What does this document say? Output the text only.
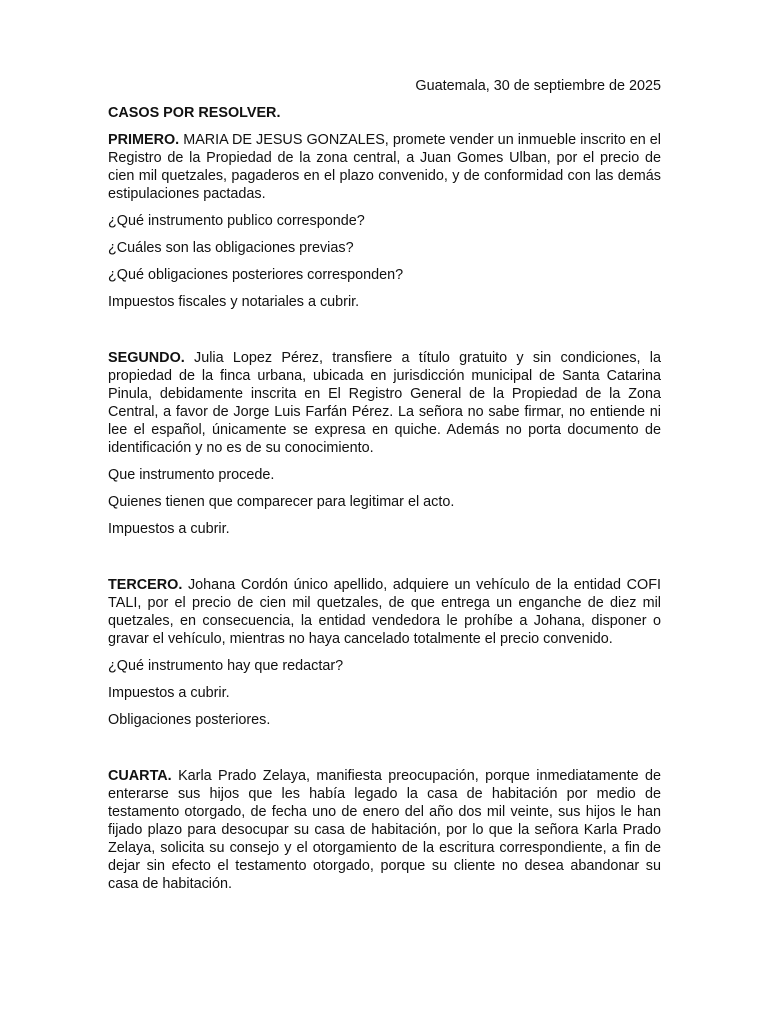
Guatemala, 30 de septiembre de 2025

CASOS POR RESOLVER.

PRIMERO. MARIA DE JESUS GONZALES, promete vender un inmueble inscrito en el Registro de la Propiedad de la zona central, a Juan Gomes Ulban, por el precio de cien mil quetzales, pagaderos en el plazo convenido, y de conformidad con las demás estipulaciones pactadas.

¿Qué instrumento publico corresponde?

¿Cuáles son las obligaciones previas?

¿Qué obligaciones posteriores corresponden?

Impuestos fiscales y notariales a cubrir.

SEGUNDO. Julia Lopez Pérez, transfiere a título gratuito y sin condiciones, la propiedad de la finca urbana, ubicada en jurisdicción municipal de Santa Catarina Pinula, debidamente inscrita en El Registro General de la Propiedad de la Zona Central, a favor de Jorge Luis Farfán Pérez. La señora no sabe firmar, no entiende ni lee el español, únicamente se expresa en quiche. Además no porta documento de identificación y no es de su conocimiento.

Que instrumento procede.

Quienes tienen que comparecer para legitimar el acto.

Impuestos a cubrir.

TERCERO. Johana Cordón único apellido, adquiere un vehículo de la entidad COFI TALI, por el precio de cien mil quetzales, de que entrega un enganche de diez mil quetzales, en consecuencia, la entidad vendedora le prohíbe a Johana, disponer o gravar el vehículo, mientras no haya cancelado totalmente el precio convenido.

¿Qué instrumento hay que redactar?

Impuestos a cubrir.

Obligaciones posteriores.

CUARTA. Karla Prado Zelaya, manifiesta preocupación, porque inmediatamente de enterarse sus hijos que les había legado la casa de habitación por medio de testamento otorgado, de fecha uno de enero del año dos mil veinte, sus hijos le han fijado plazo para desocupar su casa de habitación, por lo que la señora Karla Prado Zelaya, solicita su consejo y el otorgamiento de la escritura correspondiente, a fin de dejar sin efecto el testamento otorgado, porque su cliente no desea abandonar su casa de habitación.
